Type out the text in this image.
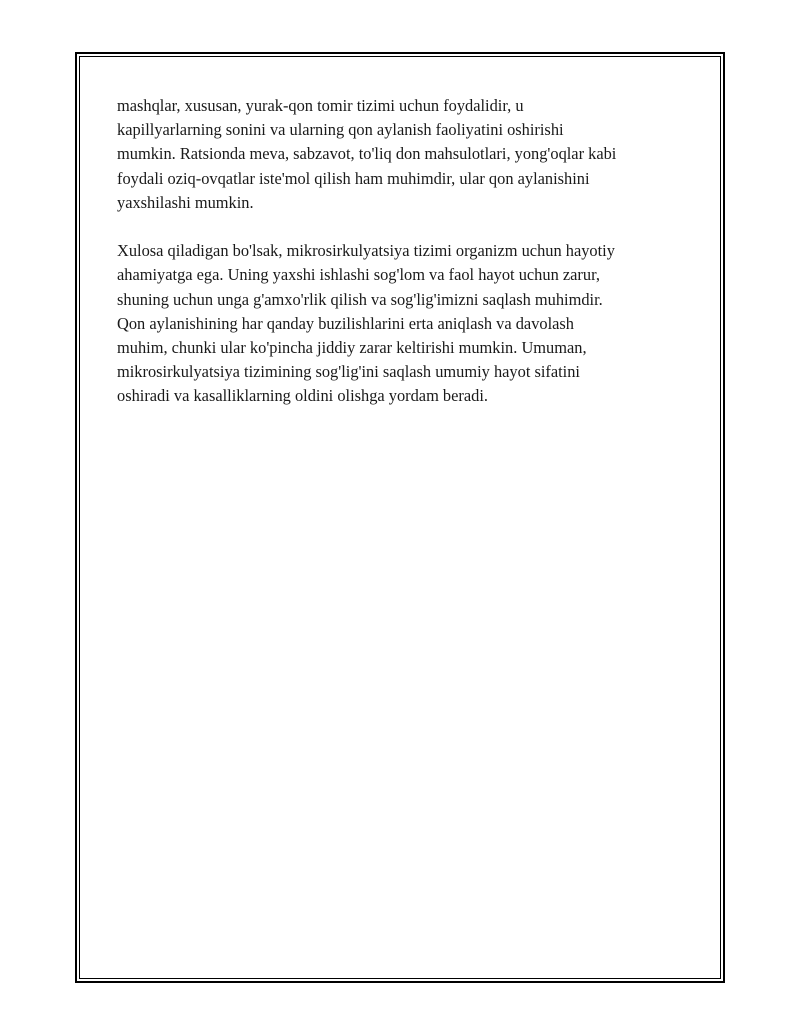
mashqlar, xususan, yurak-qon tomir tizimi uchun foydalidir, u
kapillyarlarning sonini va ularning qon aylanish faoliyatini oshirishi
mumkin. Ratsionda meva, sabzavot, to'liq don mahsulotlari, yong'oqlar kabi
foydali oziq-ovqatlar iste'mol qilish ham muhimdir, ular qon aylanishini
yaxshilashi mumkin.

Xulosa qiladigan bo'lsak, mikrosirkulyatsiya tizimi organizm uchun hayotiy
ahamiyatga ega. Uning yaxshi ishlashi sog'lom va faol hayot uchun zarur,
shuning uchun unga g'amxo'rlik qilish va sog'lig'imizni saqlash muhimdir.
Qon aylanishining har qanday buzilishlarini erta aniqlash va davolash
muhim, chunki ular ko'pincha jiddiy zarar keltirishi mumkin. Umuman,
mikrosirkulyatsiya tizimining sog'lig'ini saqlash umumiy hayot sifatini
oshiradi va kasalliklarning oldini olishga yordam beradi.
